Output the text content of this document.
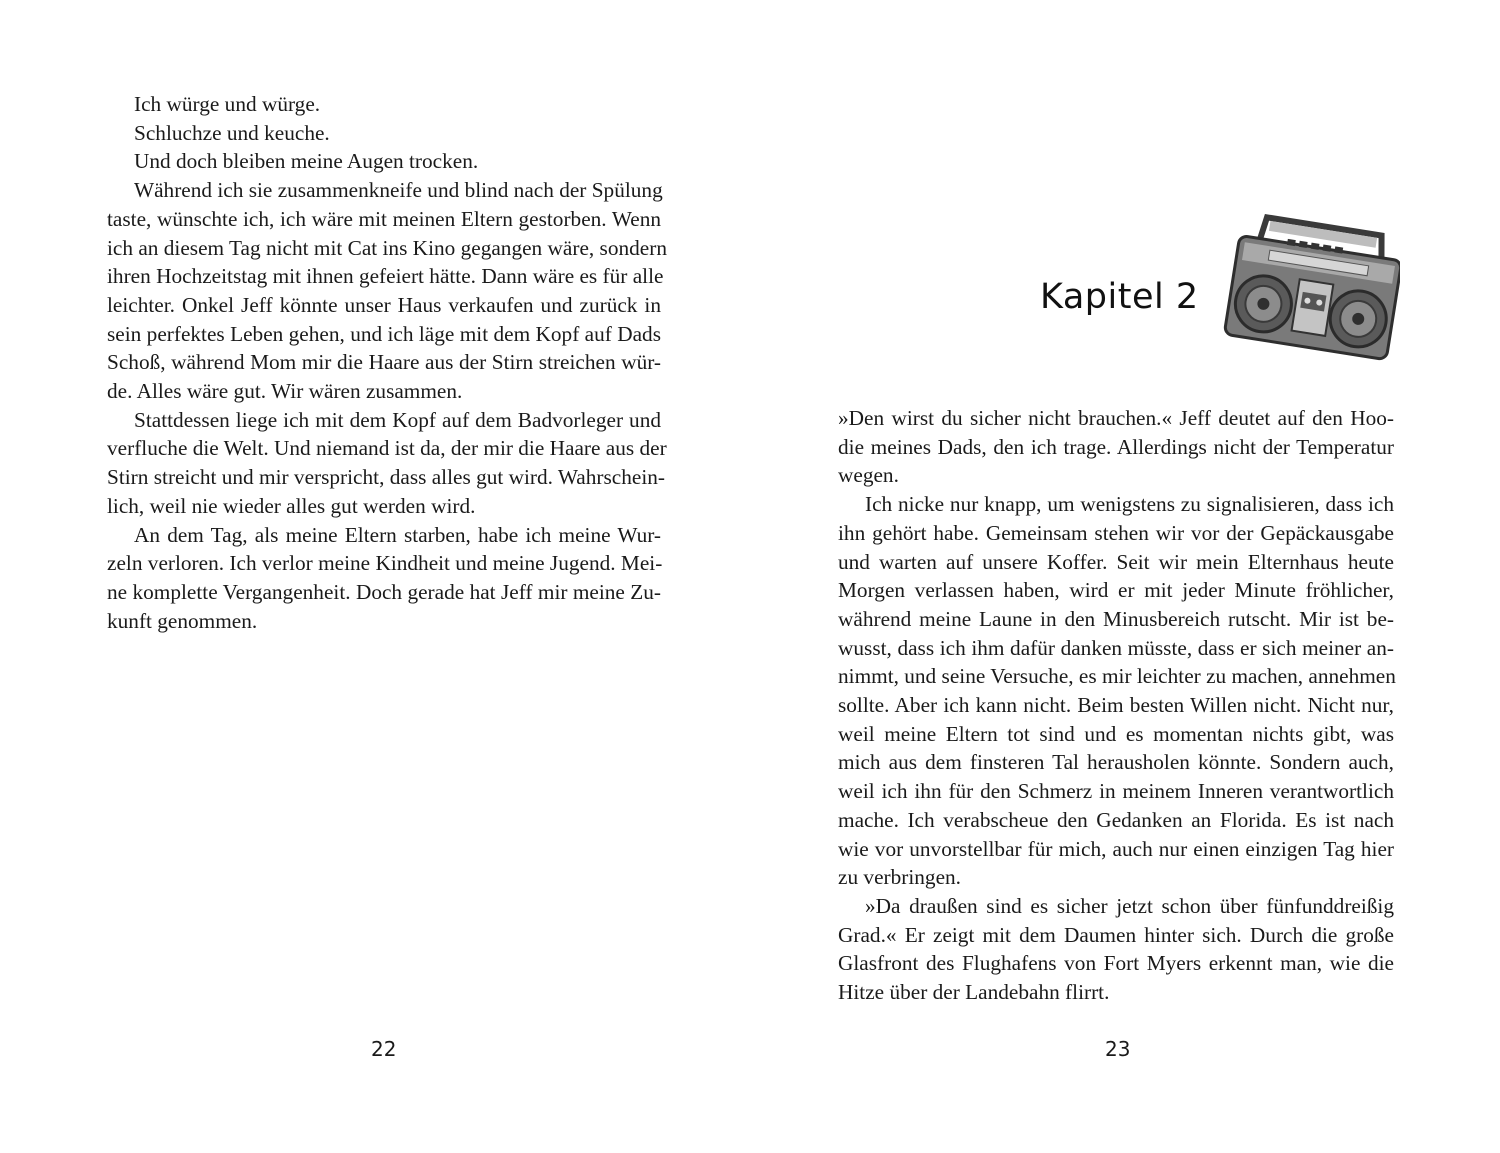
Ich würge und würge.
Schluchze und keuche.
Und doch bleiben meine Augen trocken.
Während ich sie zusammenkneife und blind nach der Spülung
taste, wünschte ich, ich wäre mit meinen Eltern gestorben. Wenn
ich an diesem Tag nicht mit Cat ins Kino gegangen wäre, sondern
ihren Hochzeitstag mit ihnen gefeiert hätte. Dann wäre es für alle
leichter. Onkel Jeff könnte unser Haus verkaufen und zurück in
sein perfektes Leben gehen, und ich läge mit dem Kopf auf Dads
Schoß, während Mom mir die Haare aus der Stirn streichen wür-
de. Alles wäre gut. Wir wären zusammen.
Stattdessen liege ich mit dem Kopf auf dem Badvorleger und
verfluche die Welt. Und niemand ist da, der mir die Haare aus der
Stirn streicht und mir verspricht, dass alles gut wird. Wahrschein-
lich, weil nie wieder alles gut werden wird.
An dem Tag, als meine Eltern starben, habe ich meine Wur-
zeln verloren. Ich verlor meine Kindheit und meine Jugend. Mei-
ne komplette Vergangenheit. Doch gerade hat Jeff mir meine Zu-
kunft genommen.
22
Kapitel 2
»Den wirst du sicher nicht brauchen.« Jeff deutet auf den Hoo-
die meines Dads, den ich trage. Allerdings nicht der Temperatur
wegen.
Ich nicke nur knapp, um wenigstens zu signalisieren, dass ich
ihn gehört habe. Gemeinsam stehen wir vor der Gepäckausgabe
und warten auf unsere Koffer. Seit wir mein Elternhaus heute
Morgen verlassen haben, wird er mit jeder Minute fröhlicher,
während meine Laune in den Minusbereich rutscht. Mir ist be-
wusst, dass ich ihm dafür danken müsste, dass er sich meiner an-
nimmt, und seine Versuche, es mir leichter zu machen, annehmen
sollte. Aber ich kann nicht. Beim besten Willen nicht. Nicht nur,
weil meine Eltern tot sind und es momentan nichts gibt, was
mich aus dem finsteren Tal herausholen könnte. Sondern auch,
weil ich ihn für den Schmerz in meinem Inneren verantwortlich
mache. Ich verabscheue den Gedanken an Florida. Es ist nach
wie vor unvorstellbar für mich, auch nur einen einzigen Tag hier
zu verbringen.
»Da draußen sind es sicher jetzt schon über fünfunddreißig
Grad.« Er zeigt mit dem Daumen hinter sich. Durch die große
Glasfront des Flughafens von Fort Myers erkennt man, wie die
Hitze über der Landebahn flirrt.
23
